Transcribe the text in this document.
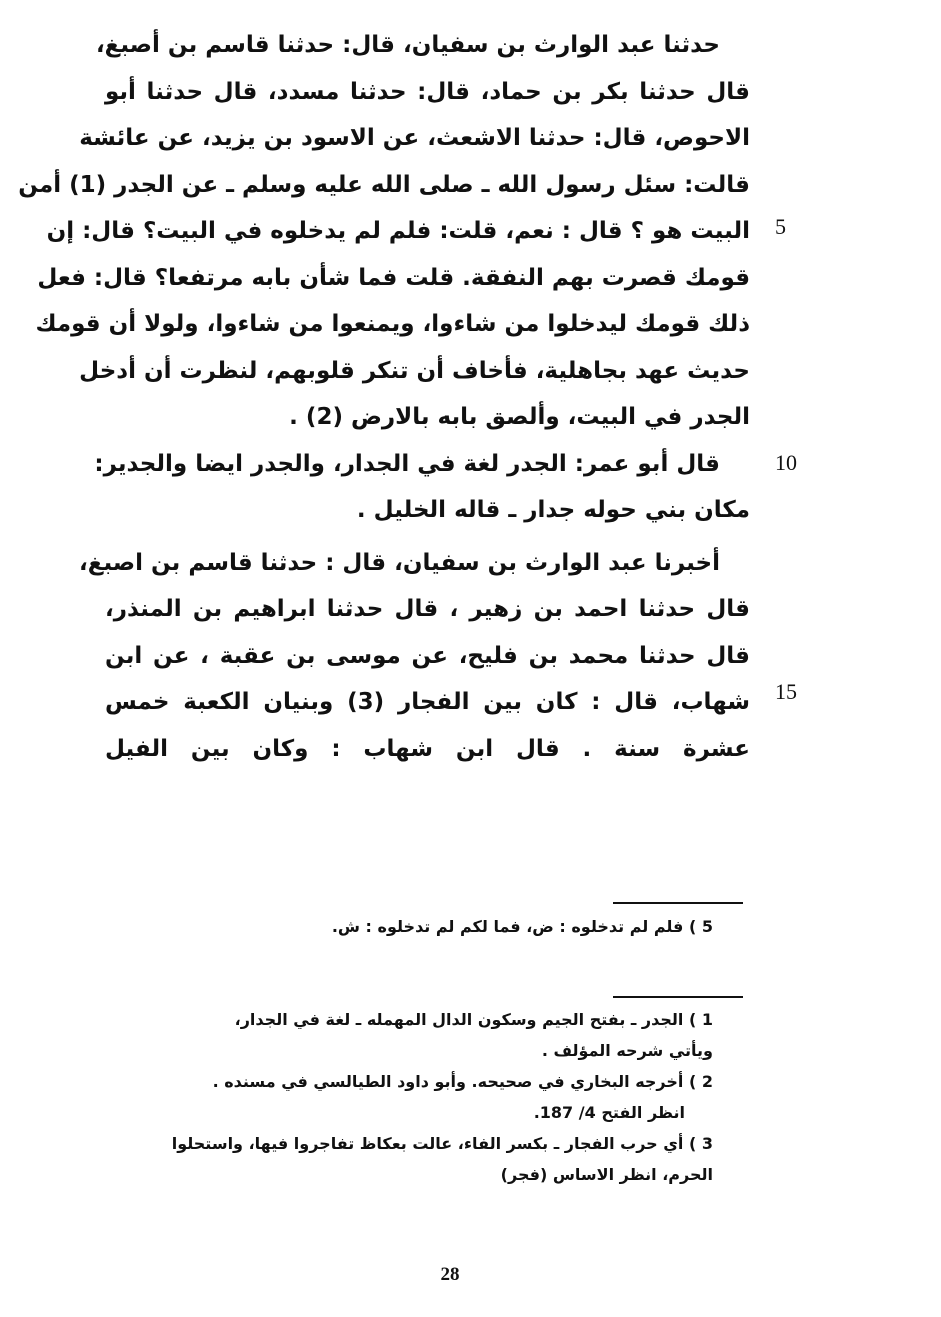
حدثنا عبد الوارث بن سفيان، قال: حدثنا قاسم بن أصبغ،
قال حدثنا بكر بن حماد، قال: حدثنا مسدد، قال حدثنا أبو
الاحوص، قال: حدثنا الاشعث، عن الاسود بن يزيد، عن عائشة
قالت: سئل رسول الله ـ صلى الله عليه وسلم ـ عن الجدر (1) أمن
البيت هو ؟ قال : نعم، قلت: فلم لم يدخلوه في البيت؟ قال: إن
قومك قصرت بهم النفقة. قلت فما شأن بابه مرتفعا؟ قال: فعل
ذلك قومك ليدخلوا من شاءوا، ويمنعوا من شاءوا، ولولا أن قومك
حديث عهد بجاهلية، فأخاف أن تنكر قلوبهم، لنظرت أن أدخل
الجدر في البيت، وألصق بابه بالارض (2) .
قال أبو عمر: الجدر لغة في الجدار، والجدر ايضا والجدير:
مكان بني حوله جدار ـ قاله الخليل .
أخبرنا عبد الوارث بن سفيان، قال : حدثنا قاسم بن اصبغ،
قال حدثنا احمد بن زهير ، قال حدثنا ابراهيم بن المنذر،
قال حدثنا محمد بن فليح، عن موسى بن عقبة ، عن ابن
شهاب، قال : كان بين الفجار (3) وبنيان الكعبة خمس
عشرة سنة . قال ابن شهاب : وكان بين الفيل
5
10
15
5 ) فلم لم تدخلوه : ض، فما لكم لم تدخلوه : ش.
1 ) الجدر ـ بفتح الجيم وسكون الدال المهمله ـ لغة في الجدار،
ويأتي شرحه المؤلف .
2 ) أخرجه البخاري في صحيحه. وأبو داود الطيالسي في مسنده .
انظر الفتح 4/ 187.
3 ) أي حرب الفجار ـ بكسر الفاء، عالت بعكاظ تفاجروا فيها، واستحلوا
الحرم، انظر الاساس (فجر)
28
